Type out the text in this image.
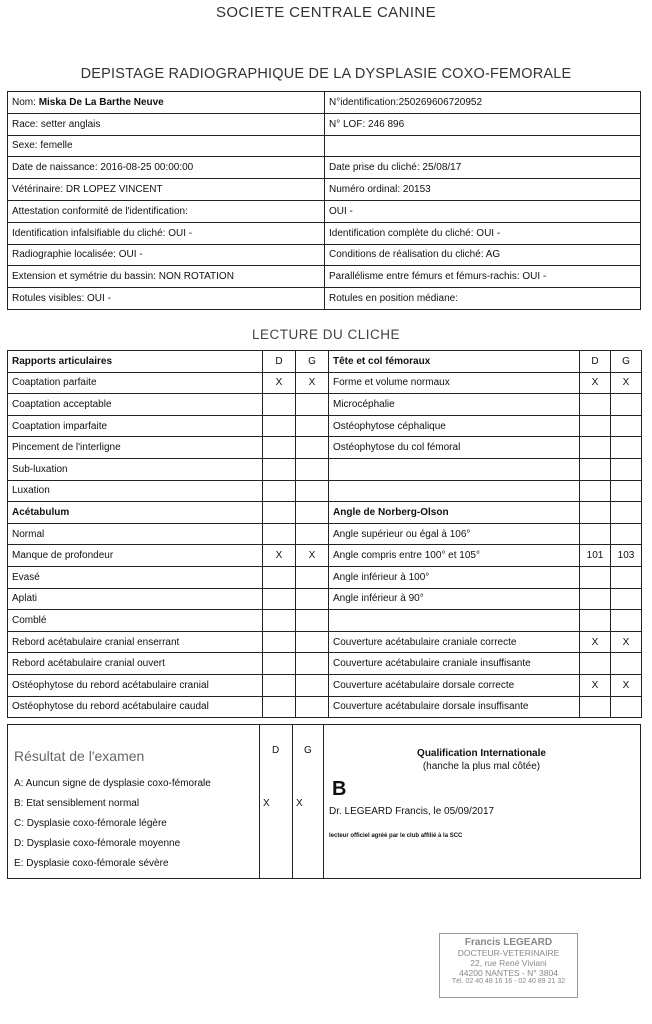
SOCIETE CENTRALE CANINE
DEPISTAGE RADIOGRAPHIQUE DE LA DYSPLASIE COXO-FEMORALE
Nom: Miska De La Barthe Neuve	N°identification:250269606720952
Race: setter anglais	N° LOF: 246 896
Sexe: femelle	
Date de naissance: 2016-08-25 00:00:00	Date prise du cliché: 25/08/17
Vétérinaire: DR LOPEZ VINCENT	Numéro ordinal: 20153
Attestation conformité de l'identification:	OUI -
Identification infalsifiable du cliché: OUI -	Identification complète du cliché: OUI -
Radiographie localisée: OUI -	Conditions de réalisation du cliché: AG
Extension et symétrie du bassin: NON ROTATION	Parallélisme entre fémurs et fémurs-rachis: OUI -
Rotules visibles: OUI -	Rotules en position médiane:
LECTURE DU CLICHE
Rapports articulaires	D	G	Tête et col fémoraux	D	G
Coaptation parfaite	X	X	Forme et volume normaux	X	X
Coaptation acceptable			Microcéphalie		
Coaptation imparfaite			Ostéophytose céphalique		
Pincement de l'interligne			Ostéophytose du col fémoral		
Sub-luxation					
Luxation					
Acétabulum			Angle de Norberg-Olson		
Normal			Angle supérieur ou égal à 106°		
Manque de profondeur	X	X	Angle compris entre 100° et 105°	101	103
Evasé			Angle inférieur à 100°		
Aplati			Angle inférieur à 90°		
Comblé					
Rebord acétabulaire cranial enserrant			Couverture acétabulaire craniale correcte	X	X
Rebord acétabulaire cranial ouvert			Couverture acétabulaire craniale insuffisante		
Ostéophytose du rebord acétabulaire cranial			Couverture acétabulaire dorsale correcte	X	X
Ostéophytose du rebord acétabulaire caudal			Couverture acétabulaire dorsale insuffisante		
Résultat de l'examen	D G
A: Auncun signe de dysplasie coxo-fémorale
B: Etat sensiblement normal	X	X
C: Dysplasie coxo-fémorale légère
D: Dysplasie coxo-fémorale moyenne
E: Dysplasie coxo-fémorale sévère
Qualification Internationale
(hanche la plus mal côtée)
B
Dr. LEGEARD Francis, le 05/09/2017
lecteur officiel agréé par le club affilié à la SCC
Francis LEGEARD
DOCTEUR-VETERINAIRE
22, rue René Viviani
44200 NANTES - N° 3804
Tél. 02 40 48 16 16 - 02 40 89 21 32
